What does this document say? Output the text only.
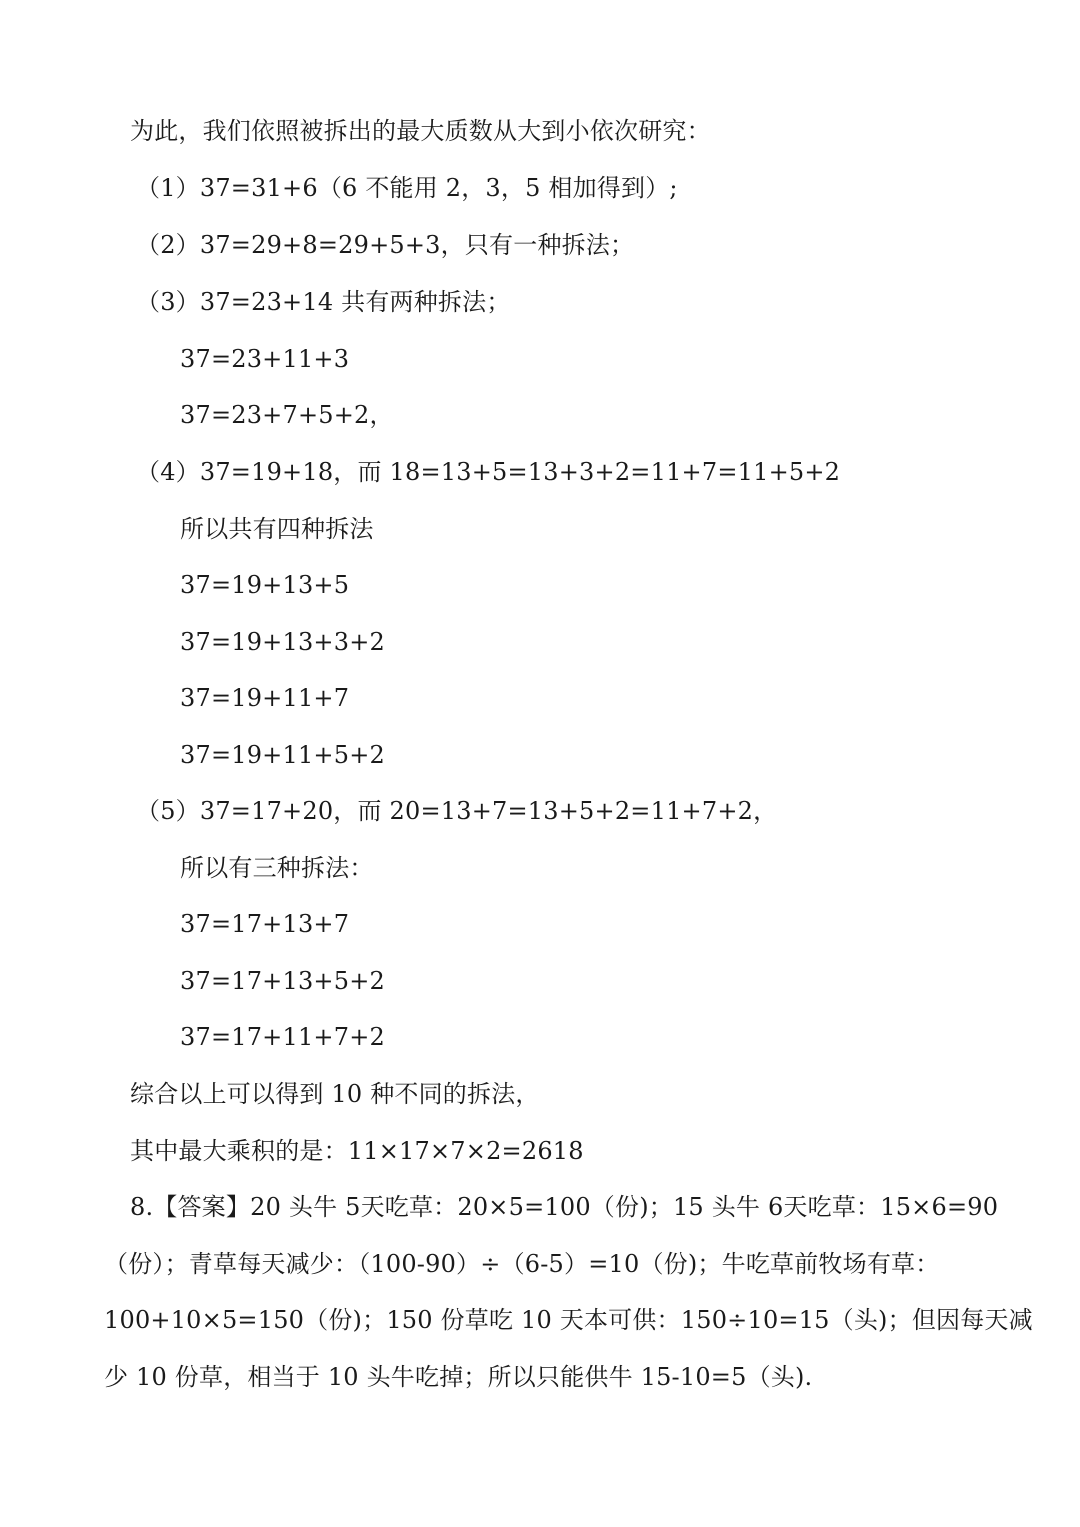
为此，我们依照被拆出的最大质数从大到小依次研究：
（1）37=31+6（6 不能用 2，3，5 相加得到）;
（2）37=29+8=29+5+3，只有一种拆法；
（3）37=23+14 共有两种拆法；
37=23+11+3
37=23+7+5+2，
（4）37=19+18，而 18=13+5=13+3+2=11+7=11+5+2
所以共有四种拆法
37=19+13+5
37=19+13+3+2
37=19+11+7
37=19+11+5+2
（5）37=17+20，而 20=13+7=13+5+2=11+7+2，
所以有三种拆法：
37=17+13+7
37=17+13+5+2
37=17+11+7+2
综合以上可以得到 10 种不同的拆法，
其中最大乘积的是：11×17×7×2=2618
8.【答案】20 头牛 5天吃草：20×5=100（份)；15 头牛 6天吃草：15×6=90
（份）；青草每天减少：（100-90）÷（6-5）=10（份)；牛吃草前牧场有草：
100+10×5=150（份)；150 份草吃 10 天本可供：150÷10=15（头)；但因每天减
少 10 份草，相当于 10 头牛吃掉；所以只能供牛 15-10=5（头).
